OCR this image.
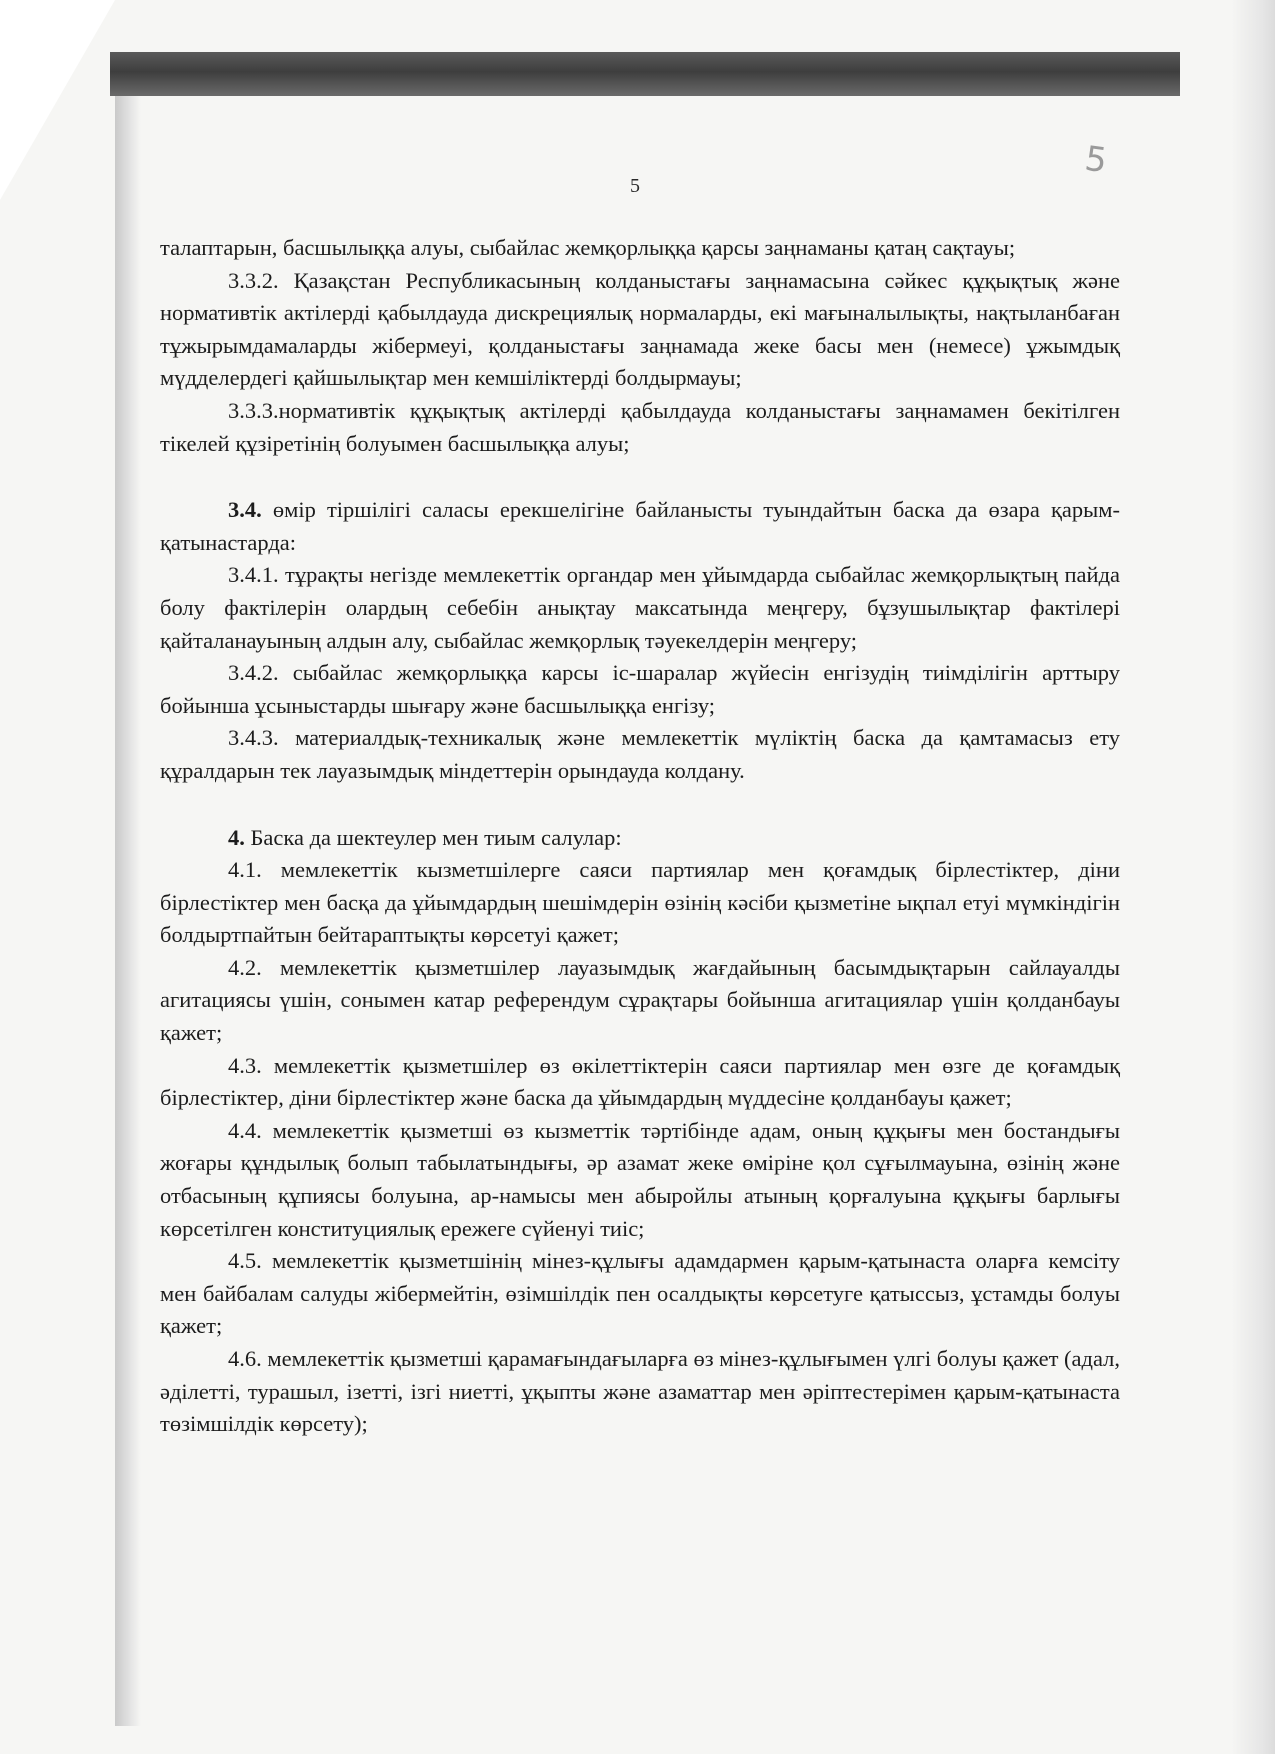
5
5

талаптарын, басшылыққа алуы, сыбайлас жемқорлыққа қарсы заңнаманы қатаң сақтауы;

3.3.2. Қазақстан Республикасының колданыстағы заңнамасына сәйкес құқықтық және нормативтік актілерді қабылдауда дискрециялық нормаларды, екі мағыналылықты, нақтыланбаған тұжырымдамаларды жібермеуі, қолданыстағы заңнамада жеке басы мен (немесе) ұжымдық мүдделердегі қайшылықтар мен кемшіліктерді болдырмауы;

3.3.3.нормативтік құқықтық актілерді қабылдауда колданыстағы заңнамамен бекітілген тікелей құзіретінің болуымен басшылыққа алуы;

3.4. өмір тіршілігі саласы ерекшелігіне байланысты туындайтын баска да өзара қарым-қатынастарда:

3.4.1. тұрақты негізде мемлекеттік органдар мен ұйымдарда сыбайлас жемқорлықтың пайда болу фактілерін олардың себебін анықтау максатында меңгеру, бұзушылықтар фактілері қайталанауының алдын алу, сыбайлас жемқорлық тәуекелдерін меңгеру;

3.4.2. сыбайлас жемқорлыққа карсы іс-шаралар жүйесін енгізудің тиімділігін арттыру бойынша ұсыныстарды шығару және басшылыққа енгізу;

3.4.3. материалдық-техникалық және мемлекеттік мүліктің баска да қамтамасыз ету құралдарын тек лауазымдық міндеттерін орындауда колдану.

4. Баска да шектеулер мен тиым салулар:

4.1. мемлекеттік кызметшілерге саяси партиялар мен қоғамдық бірлестіктер, діни бірлестіктер мен басқа да ұйымдардың шешімдерін өзінің кәсіби қызметіне ықпал етуі мүмкіндігін болдыртпайтын бейтараптықты көрсетуі қажет;

4.2. мемлекеттік қызметшілер лауазымдық жағдайының басымдықтарын сайлауалды агитациясы үшін, сонымен катар референдум сұрақтары бойынша агитациялар үшін қолданбауы қажет;

4.3. мемлекеттік қызметшілер өз өкілеттіктерін саяси партиялар мен өзге де қоғамдық бірлестіктер, діни бірлестіктер және баска да ұйымдардың мүддесіне қолданбауы қажет;

4.4. мемлекеттік қызметші өз кызметтік тәртібінде адам, оның құқығы мен бостандығы жоғары құндылық болып табылатындығы, әр азамат жеке өміріне қол сұғылмауына, өзінің және отбасының құпиясы болуына, ар-намысы мен абыройлы атының қорғалуына құқығы барлығы көрсетілген конституциялық ережеге сүйенуі тиіс;

4.5. мемлекеттік қызметшінің мінез-құлығы адамдармен қарым-қатынаста оларға кемсіту мен байбалам салуды жібермейтін, өзімшілдік пен осалдықты көрсетуге қатыссыз, ұстамды болуы қажет;

4.6. мемлекеттік қызметші қарамағындағыларға өз мінез-құлығымен үлгі болуы қажет (адал, әділетті, турашыл, ізетті, ізгі ниетті, ұқыпты және азаматтар мен әріптестерімен қарым-қатынаста төзімшілдік көрсету);
